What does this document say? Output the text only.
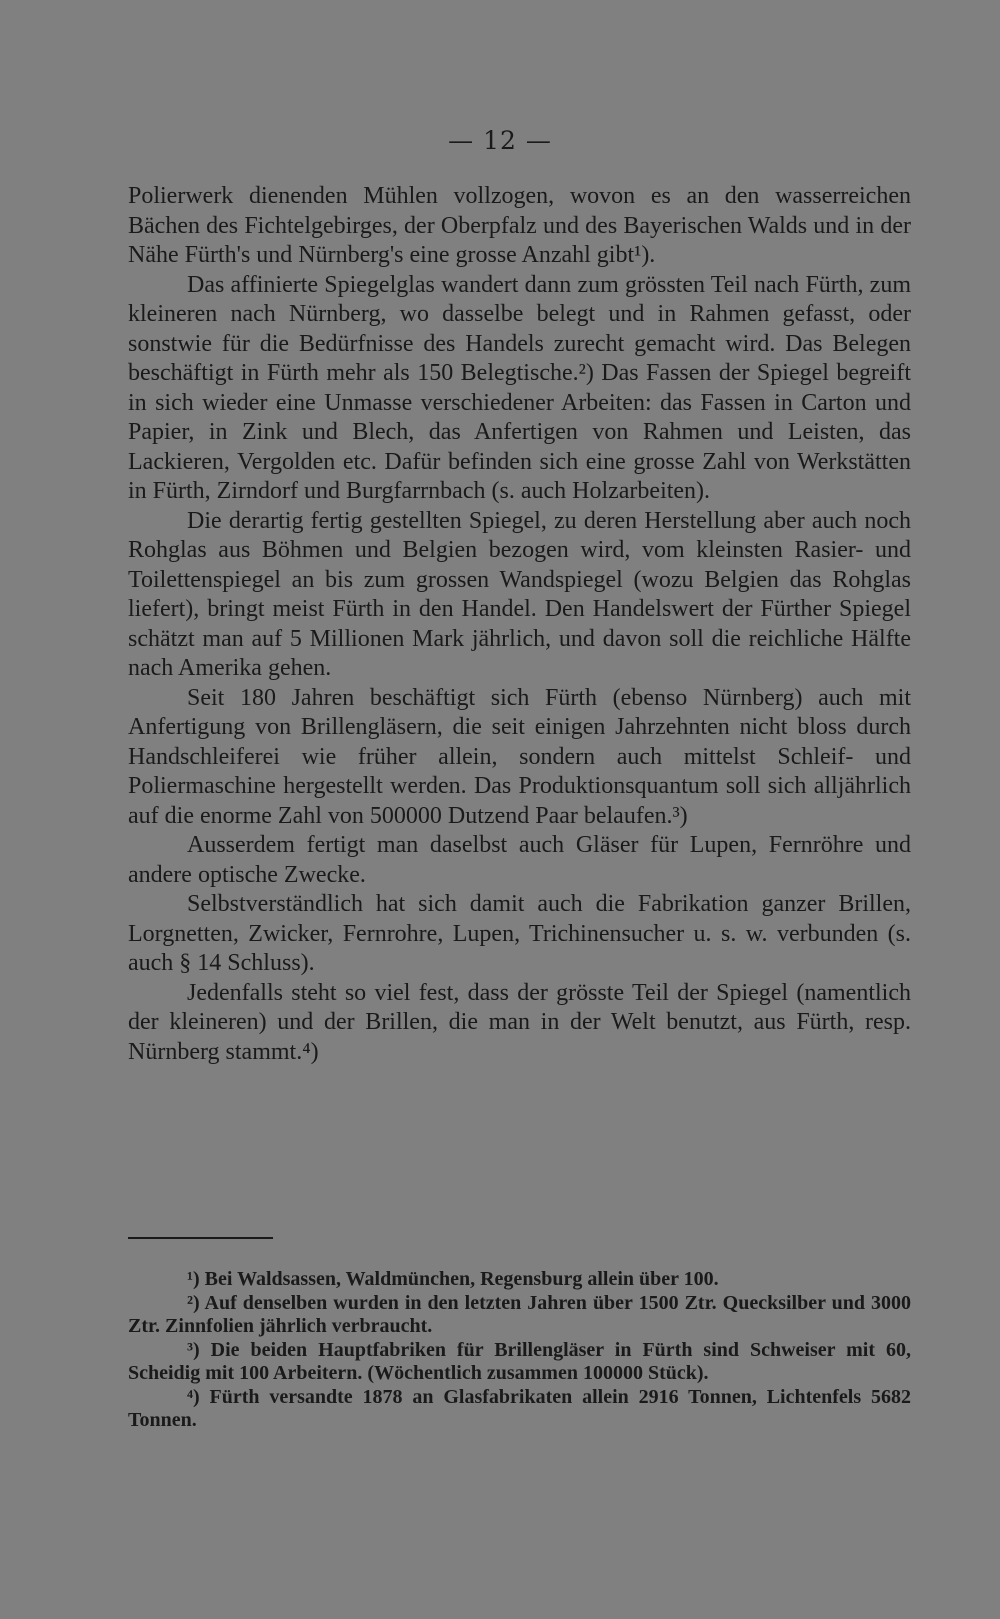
— 12 —

Polierwerk dienenden Mühlen vollzogen, wovon es an den wasserreichen Bächen des Fichtelgebirges, der Oberpfalz und des Bayerischen Walds und in der Nähe Fürth's und Nürnberg's eine grosse Anzahl gibt¹).

Das affinierte Spiegelglas wandert dann zum grössten Teil nach Fürth, zum kleineren nach Nürnberg, wo dasselbe belegt und in Rahmen gefasst, oder sonstwie für die Bedürfnisse des Handels zurecht gemacht wird. Das Belegen beschäftigt in Fürth mehr als 150 Belegtische.²) Das Fassen der Spiegel begreift in sich wieder eine Unmasse verschiedener Arbeiten: das Fassen in Carton und Papier, in Zink und Blech, das Anfertigen von Rahmen und Leisten, das Lackieren, Vergolden etc. Dafür befinden sich eine grosse Zahl von Werkstätten in Fürth, Zirndorf und Burgfarrnbach (s. auch Holzarbeiten).

Die derartig fertig gestellten Spiegel, zu deren Herstellung aber auch noch Rohglas aus Böhmen und Belgien bezogen wird, vom kleinsten Rasier- und Toilettenspiegel an bis zum grossen Wandspiegel (wozu Belgien das Rohglas liefert), bringt meist Fürth in den Handel. Den Handelswert der Fürther Spiegel schätzt man auf 5 Millionen Mark jährlich, und davon soll die reichliche Hälfte nach Amerika gehen.

Seit 180 Jahren beschäftigt sich Fürth (ebenso Nürnberg) auch mit Anfertigung von Brillengläsern, die seit einigen Jahrzehnten nicht bloss durch Handschleiferei wie früher allein, sondern auch mittelst Schleif- und Poliermaschine hergestellt werden. Das Produktionsquantum soll sich alljährlich auf die enorme Zahl von 500000 Dutzend Paar belaufen.³)

Ausserdem fertigt man daselbst auch Gläser für Lupen, Fernröhre und andere optische Zwecke.

Selbstverständlich hat sich damit auch die Fabrikation ganzer Brillen, Lorgnetten, Zwicker, Fernrohre, Lupen, Trichinensucher u. s. w. verbunden (s. auch § 14 Schluss).

Jedenfalls steht so viel fest, dass der grösste Teil der Spiegel (namentlich der kleineren) und der Brillen, die man in der Welt benutzt, aus Fürth, resp. Nürnberg stammt.⁴)

¹) Bei Waldsassen, Waldmünchen, Regensburg allein über 100.

²) Auf denselben wurden in den letzten Jahren über 1500 Ztr. Quecksilber und 3000 Ztr. Zinnfolien jährlich verbraucht.

³) Die beiden Hauptfabriken für Brillengläser in Fürth sind Schweiser mit 60, Scheidig mit 100 Arbeitern. (Wöchentlich zusammen 100000 Stück).

⁴) Fürth versandte 1878 an Glasfabrikaten allein 2916 Tonnen, Lichtenfels 5682 Tonnen.
